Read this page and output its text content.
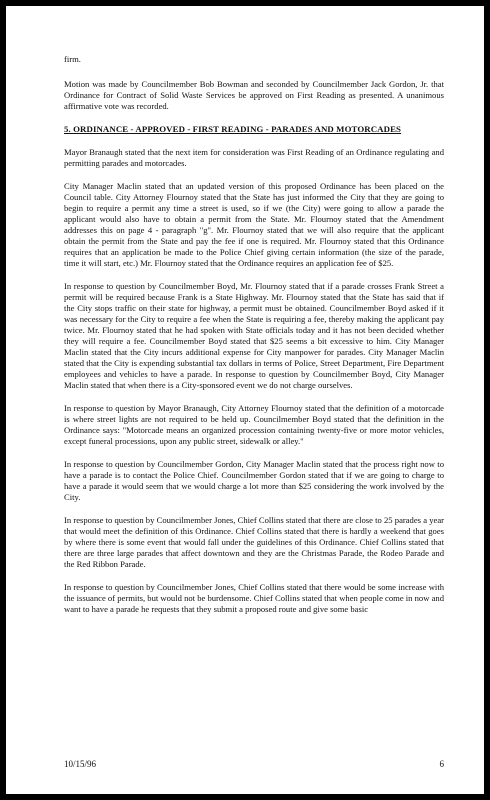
firm.

Motion was made by Councilmember Bob Bowman and seconded by Councilmember Jack Gordon, Jr. that Ordinance for Contract of Solid Waste Services be approved on First Reading as presented. A unanimous affirmative vote was recorded.

5. ORDINANCE - APPROVED - FIRST READING - PARADES AND MOTORCADES

Mayor Branaugh stated that the next item for consideration was First Reading of an Ordinance regulating and permitting parades and motorcades.

City Manager Maclin stated that an updated version of this proposed Ordinance has been placed on the Council table. City Attorney Flournoy stated that the State has just informed the City that they are going to begin to require a permit any time a street is used, so if we (the City) were going to allow a parade the applicant would also have to obtain a permit from the State. Mr. Flournoy stated that the Amendment addresses this on page 4 - paragraph "g". Mr. Flournoy stated that we will also require that the applicant obtain the permit from the State and pay the fee if one is required. Mr. Flournoy stated that this Ordinance requires that an application be made to the Police Chief giving certain information (the size of the parade, time it will start, etc.) Mr. Flournoy stated that the Ordinance requires an application fee of $25.

In response to question by Councilmember Boyd, Mr. Flournoy stated that if a parade crosses Frank Street a permit will be required because Frank is a State Highway. Mr. Flournoy stated that the State has said that if the City stops traffic on their state for highway, a permit must be obtained. Councilmember Boyd asked if it was necessary for the City to require a fee when the State is requiring a fee, thereby making the applicant pay twice. Mr. Flournoy stated that he had spoken with State officials today and it has not been decided whether they will require a fee. Councilmember Boyd stated that $25 seems a bit excessive to him. City Manager Maclin stated that the City incurs additional expense for City manpower for parades. City Manager Maclin stated that the City is expending substantial tax dollars in terms of Police, Street Department, Fire Department employees and vehicles to have a parade. In response to question by Councilmember Boyd, City Manager Maclin stated that when there is a City-sponsored event we do not charge ourselves.

In response to question by Mayor Branaugh, City Attorney Flournoy stated that the definition of a motorcade is where street lights are not required to be held up. Councilmember Boyd stated that the definition in the Ordinance says: "Motorcade means an organized procession containing twenty-five or more motor vehicles, except funeral processions, upon any public street, sidewalk or alley."

In response to question by Councilmember Gordon, City Manager Maclin stated that the process right now to have a parade is to contact the Police Chief. Councilmember Gordon stated that if we are going to charge to have a parade it would seem that we would charge a lot more than $25 considering the work involved by the City.

In response to question by Councilmember Jones, Chief Collins stated that there are close to 25 parades a year that would meet the definition of this Ordinance. Chief Collins stated that there is hardly a weekend that goes by where there is some event that would fall under the guidelines of this Ordinance. Chief Collins stated that there are three large parades that affect downtown and they are the Christmas Parade, the Rodeo Parade and the Red Ribbon Parade.

In response to question by Councilmember Jones, Chief Collins stated that there would be some increase with the issuance of permits, but would not be burdensome. Chief Collins stated that when people come in now and want to have a parade he requests that they submit a proposed route and give some basic

10/15/96	6
